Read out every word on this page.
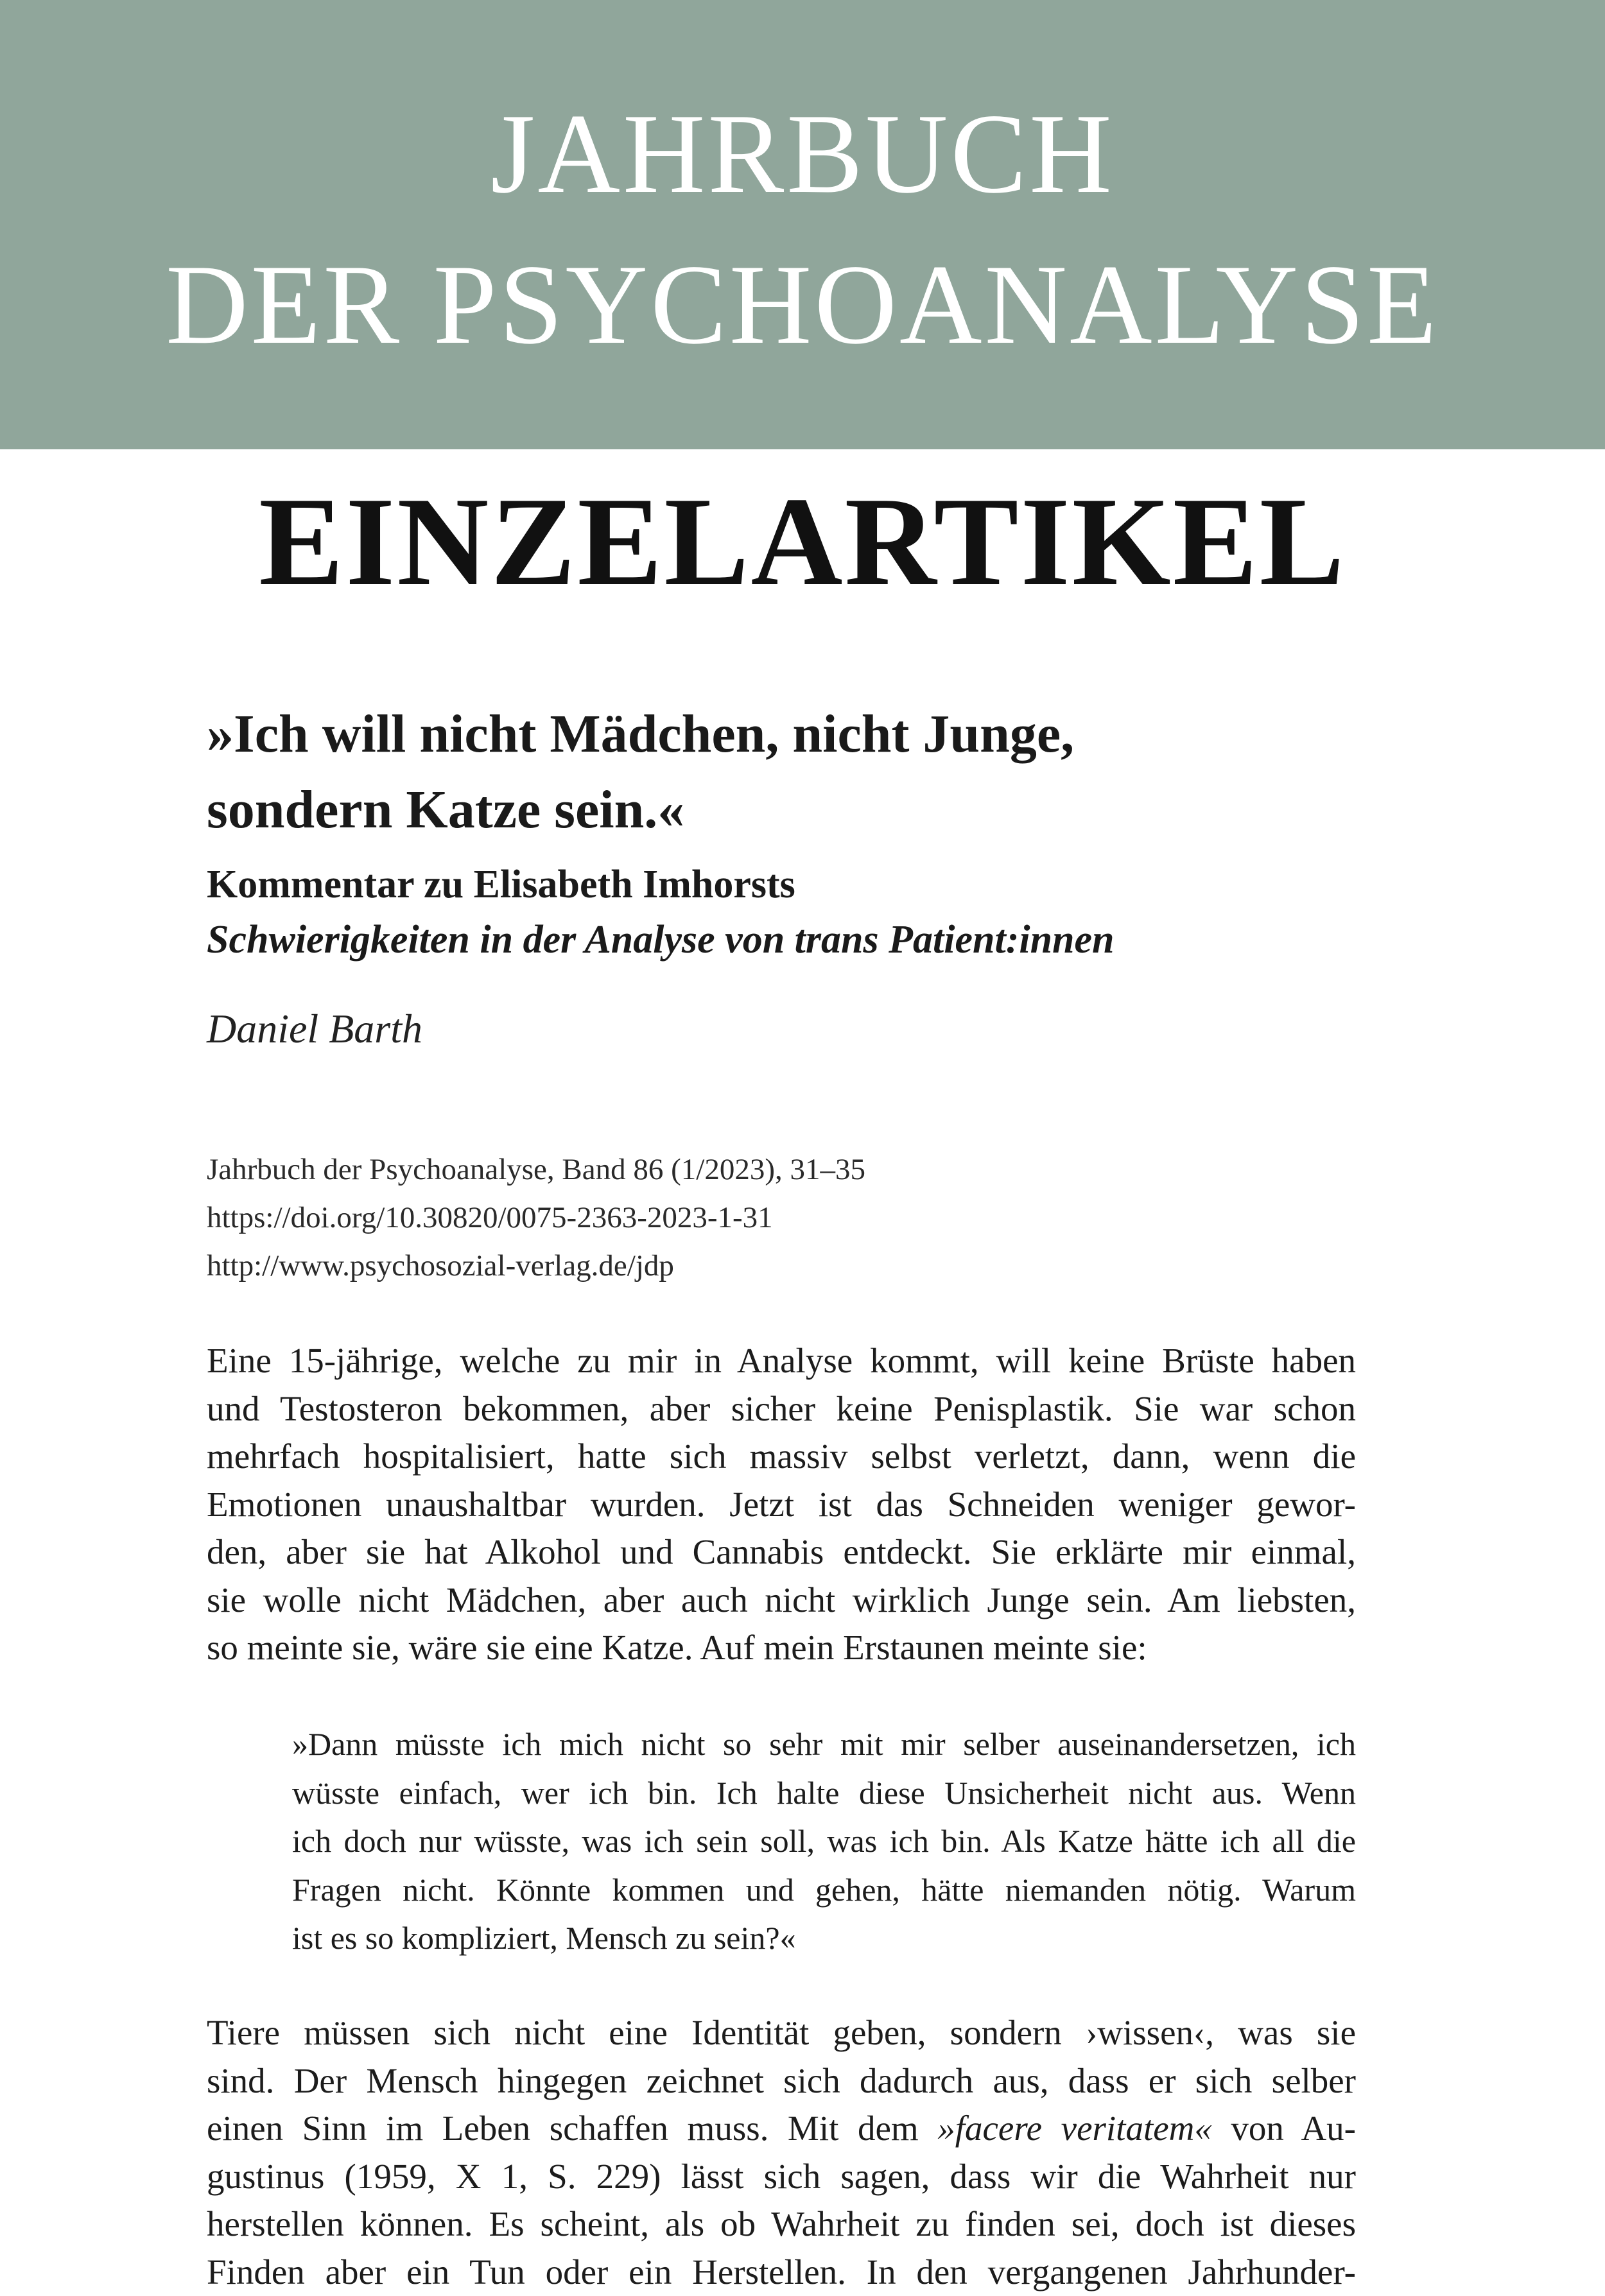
JAHRBUCH
DER PSYCHOANALYSE
EINZELARTIKEL
»Ich will nicht Mädchen, nicht Junge,
sondern Katze sein.«
Kommentar zu Elisabeth Imhorsts
Schwierigkeiten in der Analyse von trans Patient:innen
Daniel Barth
Jahrbuch der Psychoanalyse, Band 86 (1/2023), 31–35
https://doi.org/10.30820/0075-2363-2023-1-31
http://www.psychosozial-verlag.de/jdp
Eine 15-jährige, welche zu mir in Analyse kommt, will keine Brüste haben
und Testosteron bekommen, aber sicher keine Penisplastik. Sie war schon
mehrfach hospitalisiert, hatte sich massiv selbst verletzt, dann, wenn die
Emotionen unaushaltbar wurden. Jetzt ist das Schneiden weniger gewor-
den, aber sie hat Alkohol und Cannabis entdeckt. Sie erklärte mir einmal,
sie wolle nicht Mädchen, aber auch nicht wirklich Junge sein. Am liebsten,
so meinte sie, wäre sie eine Katze. Auf mein Erstaunen meinte sie:
»Dann müsste ich mich nicht so sehr mit mir selber auseinandersetzen, ich
wüsste einfach, wer ich bin. Ich halte diese Unsicherheit nicht aus. Wenn
ich doch nur wüsste, was ich sein soll, was ich bin. Als Katze hätte ich all die
Fragen nicht. Könnte kommen und gehen, hätte niemanden nötig. Warum
ist es so kompliziert, Mensch zu sein?«
Tiere müssen sich nicht eine Identität geben, sondern ›wissen‹, was sie
sind. Der Mensch hingegen zeichnet sich dadurch aus, dass er sich selber
einen Sinn im Leben schaffen muss. Mit dem »facere veritatem« von Au-
gustinus (1959, X 1, S. 229) lässt sich sagen, dass wir die Wahrheit nur
herstellen können. Es scheint, als ob Wahrheit zu finden sei, doch ist dieses
Finden aber ein Tun oder ein Herstellen. In den vergangenen Jahrhunder-
